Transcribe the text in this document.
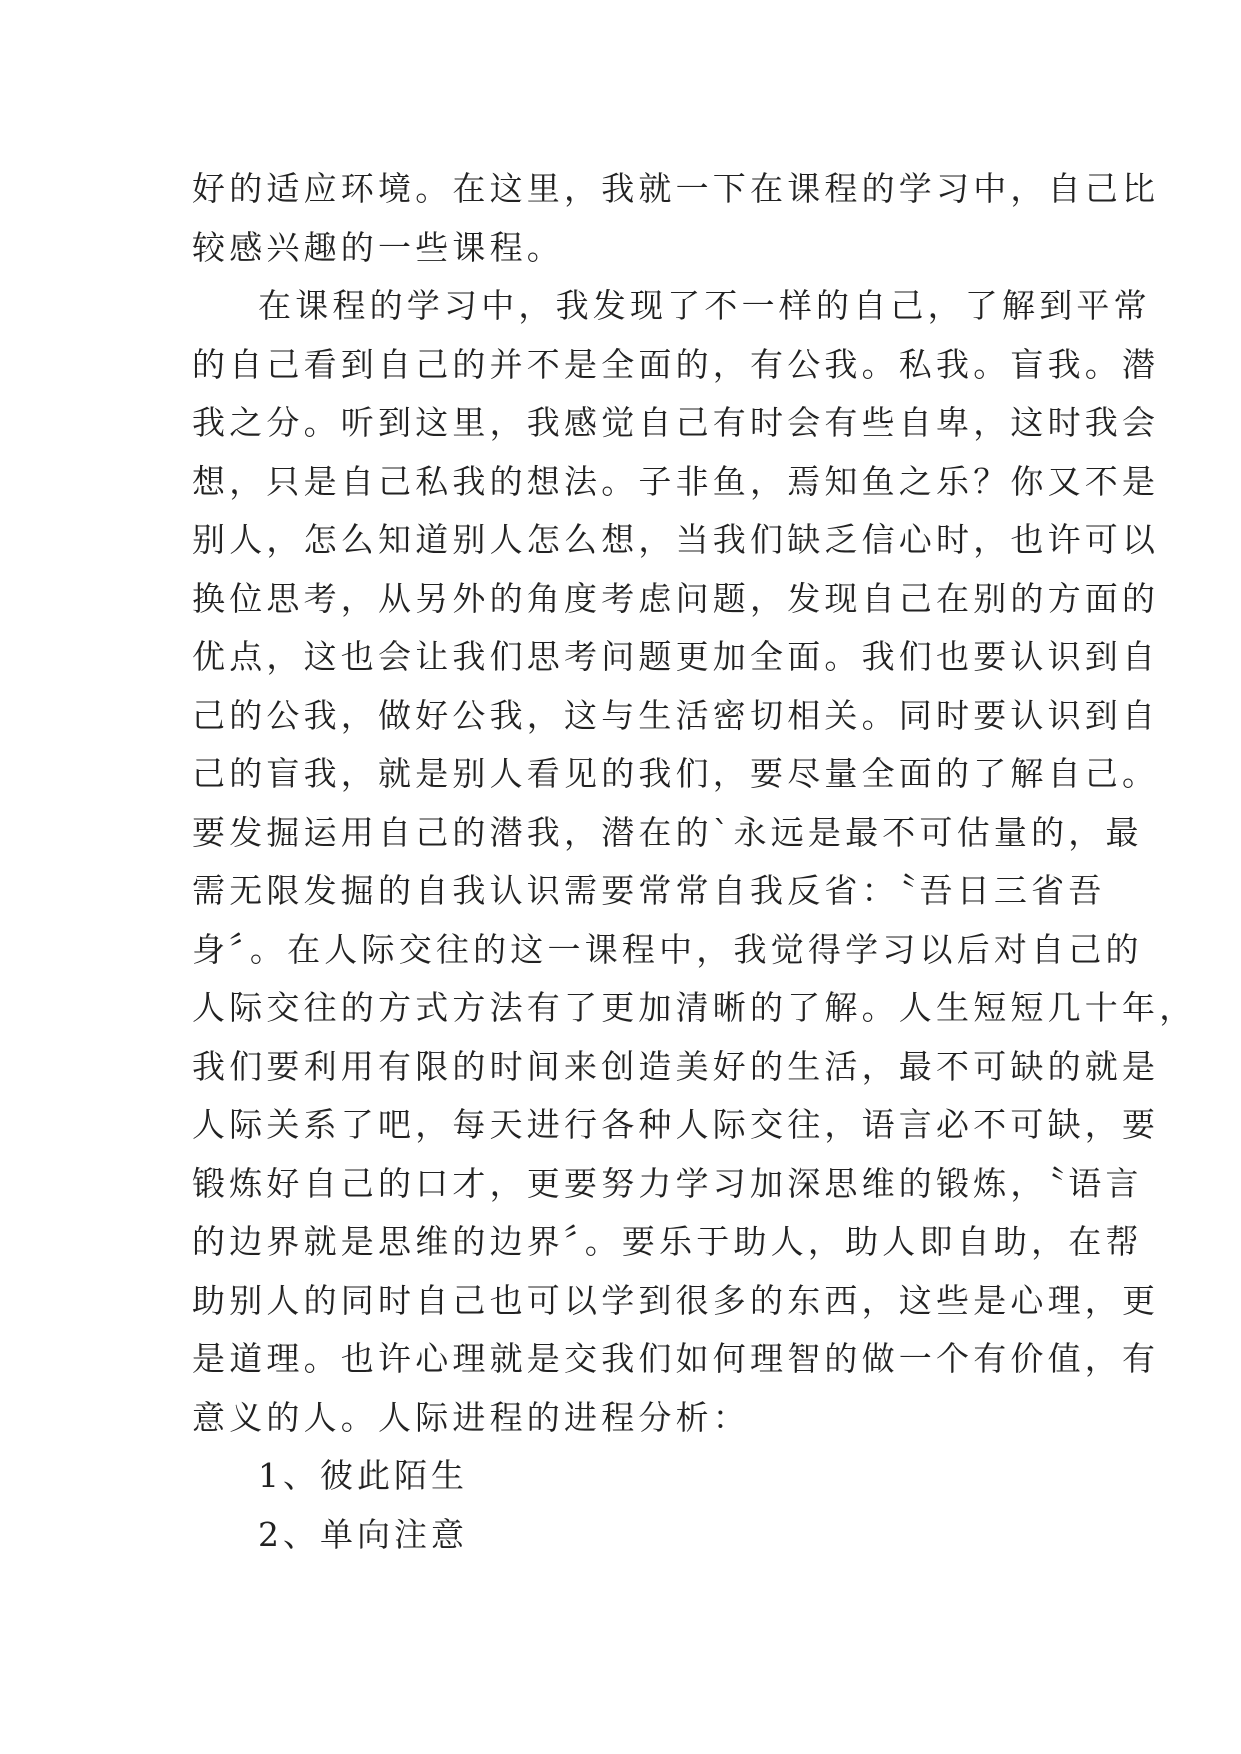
好的适应环境。在这里，我就一下在课程的学习中，自己比
较感兴趣的一些课程。
在课程的学习中，我发现了不一样的自己，了解到平常
的自己看到自己的并不是全面的，有公我。私我。盲我。潜
我之分。听到这里，我感觉自己有时会有些自卑，这时我会
想，只是自己私我的想法。子非鱼，焉知鱼之乐？你又不是
别人，怎么知道别人怎么想，当我们缺乏信心时，也许可以
换位思考，从另外的角度考虑问题，发现自己在别的方面的
优点，这也会让我们思考问题更加全面。我们也要认识到自
己的公我，做好公我，这与生活密切相关。同时要认识到自
己的盲我，就是别人看见的我们，要尽量全面的了解自己。
要发掘运用自己的潜我，潜在的`永远是最不可估量的，最
需无限发掘的自我认识需要常常自我反省：〝吾日三省吾
身〞。在人际交往的这一课程中，我觉得学习以后对自己的
人际交往的方式方法有了更加清晰的了解。人生短短几十年，
我们要利用有限的时间来创造美好的生活，最不可缺的就是
人际关系了吧，每天进行各种人际交往，语言必不可缺，要
锻炼好自己的口才，更要努力学习加深思维的锻炼，〝语言
的边界就是思维的边界〞。要乐于助人，助人即自助，在帮
助别人的同时自己也可以学到很多的东西，这些是心理，更
是道理。也许心理就是交我们如何理智的做一个有价值，有
意义的人。人际进程的进程分析：
1、彼此陌生
2、单向注意
